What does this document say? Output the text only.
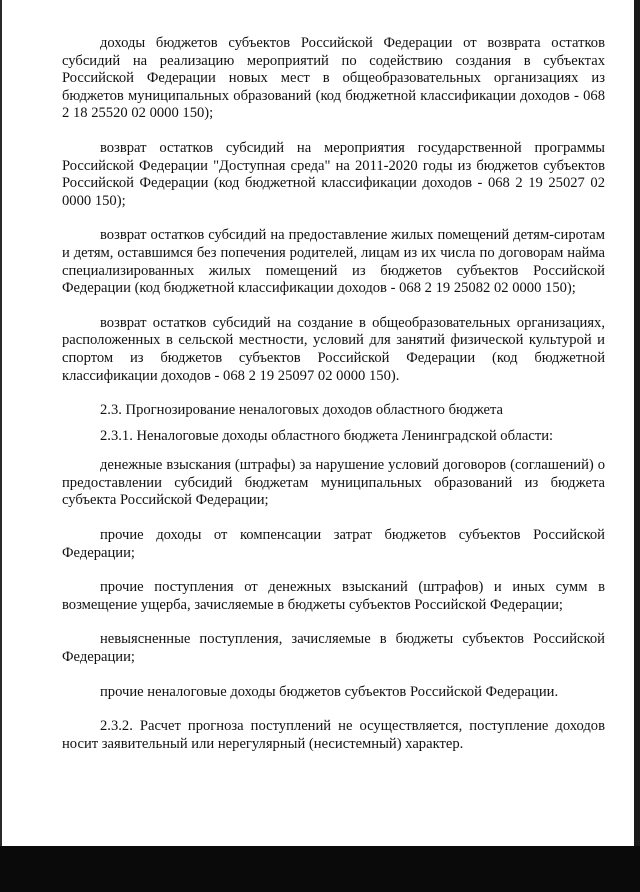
доходы бюджетов субъектов Российской Федерации от возврата остатков субсидий на реализацию мероприятий по содействию создания в субъектах Российской Федерации новых мест в общеобразовательных организациях из бюджетов муниципальных образований (код бюджетной классификации доходов - 068 2 18 25520 02 0000 150);

возврат остатков субсидий на мероприятия государственной программы Российской Федерации "Доступная среда" на 2011-2020 годы из бюджетов субъектов Российской Федерации (код бюджетной классификации доходов - 068 2 19 25027 02 0000 150);

возврат остатков субсидий на предоставление жилых помещений детям-сиротам и детям, оставшимся без попечения родителей, лицам из их числа по договорам найма специализированных жилых помещений из бюджетов субъектов Российской Федерации (код бюджетной классификации доходов - 068 2 19 25082 02 0000 150);

возврат остатков субсидий на создание в общеобразовательных организациях, расположенных в сельской местности, условий для занятий физической культурой и спортом из бюджетов субъектов Российской Федерации (код бюджетной классификации доходов - 068 2 19 25097 02 0000 150).

2.3. Прогнозирование неналоговых доходов областного бюджета

2.3.1. Неналоговые доходы областного бюджета Ленинградской области:

денежные взыскания (штрафы) за нарушение условий договоров (соглашений) о предоставлении субсидий бюджетам муниципальных образований из бюджета субъекта Российской Федерации;

прочие доходы от компенсации затрат бюджетов субъектов Российской Федерации;

прочие поступления от денежных взысканий (штрафов) и иных сумм в возмещение ущерба, зачисляемые в бюджеты субъектов Российской Федерации;

невыясненные поступления, зачисляемые в бюджеты субъектов Российской Федерации;

прочие неналоговые доходы бюджетов субъектов Российской Федерации.

2.3.2. Расчет прогноза поступлений не осуществляется, поступление доходов носит заявительный или нерегулярный (несистемный) характер.
